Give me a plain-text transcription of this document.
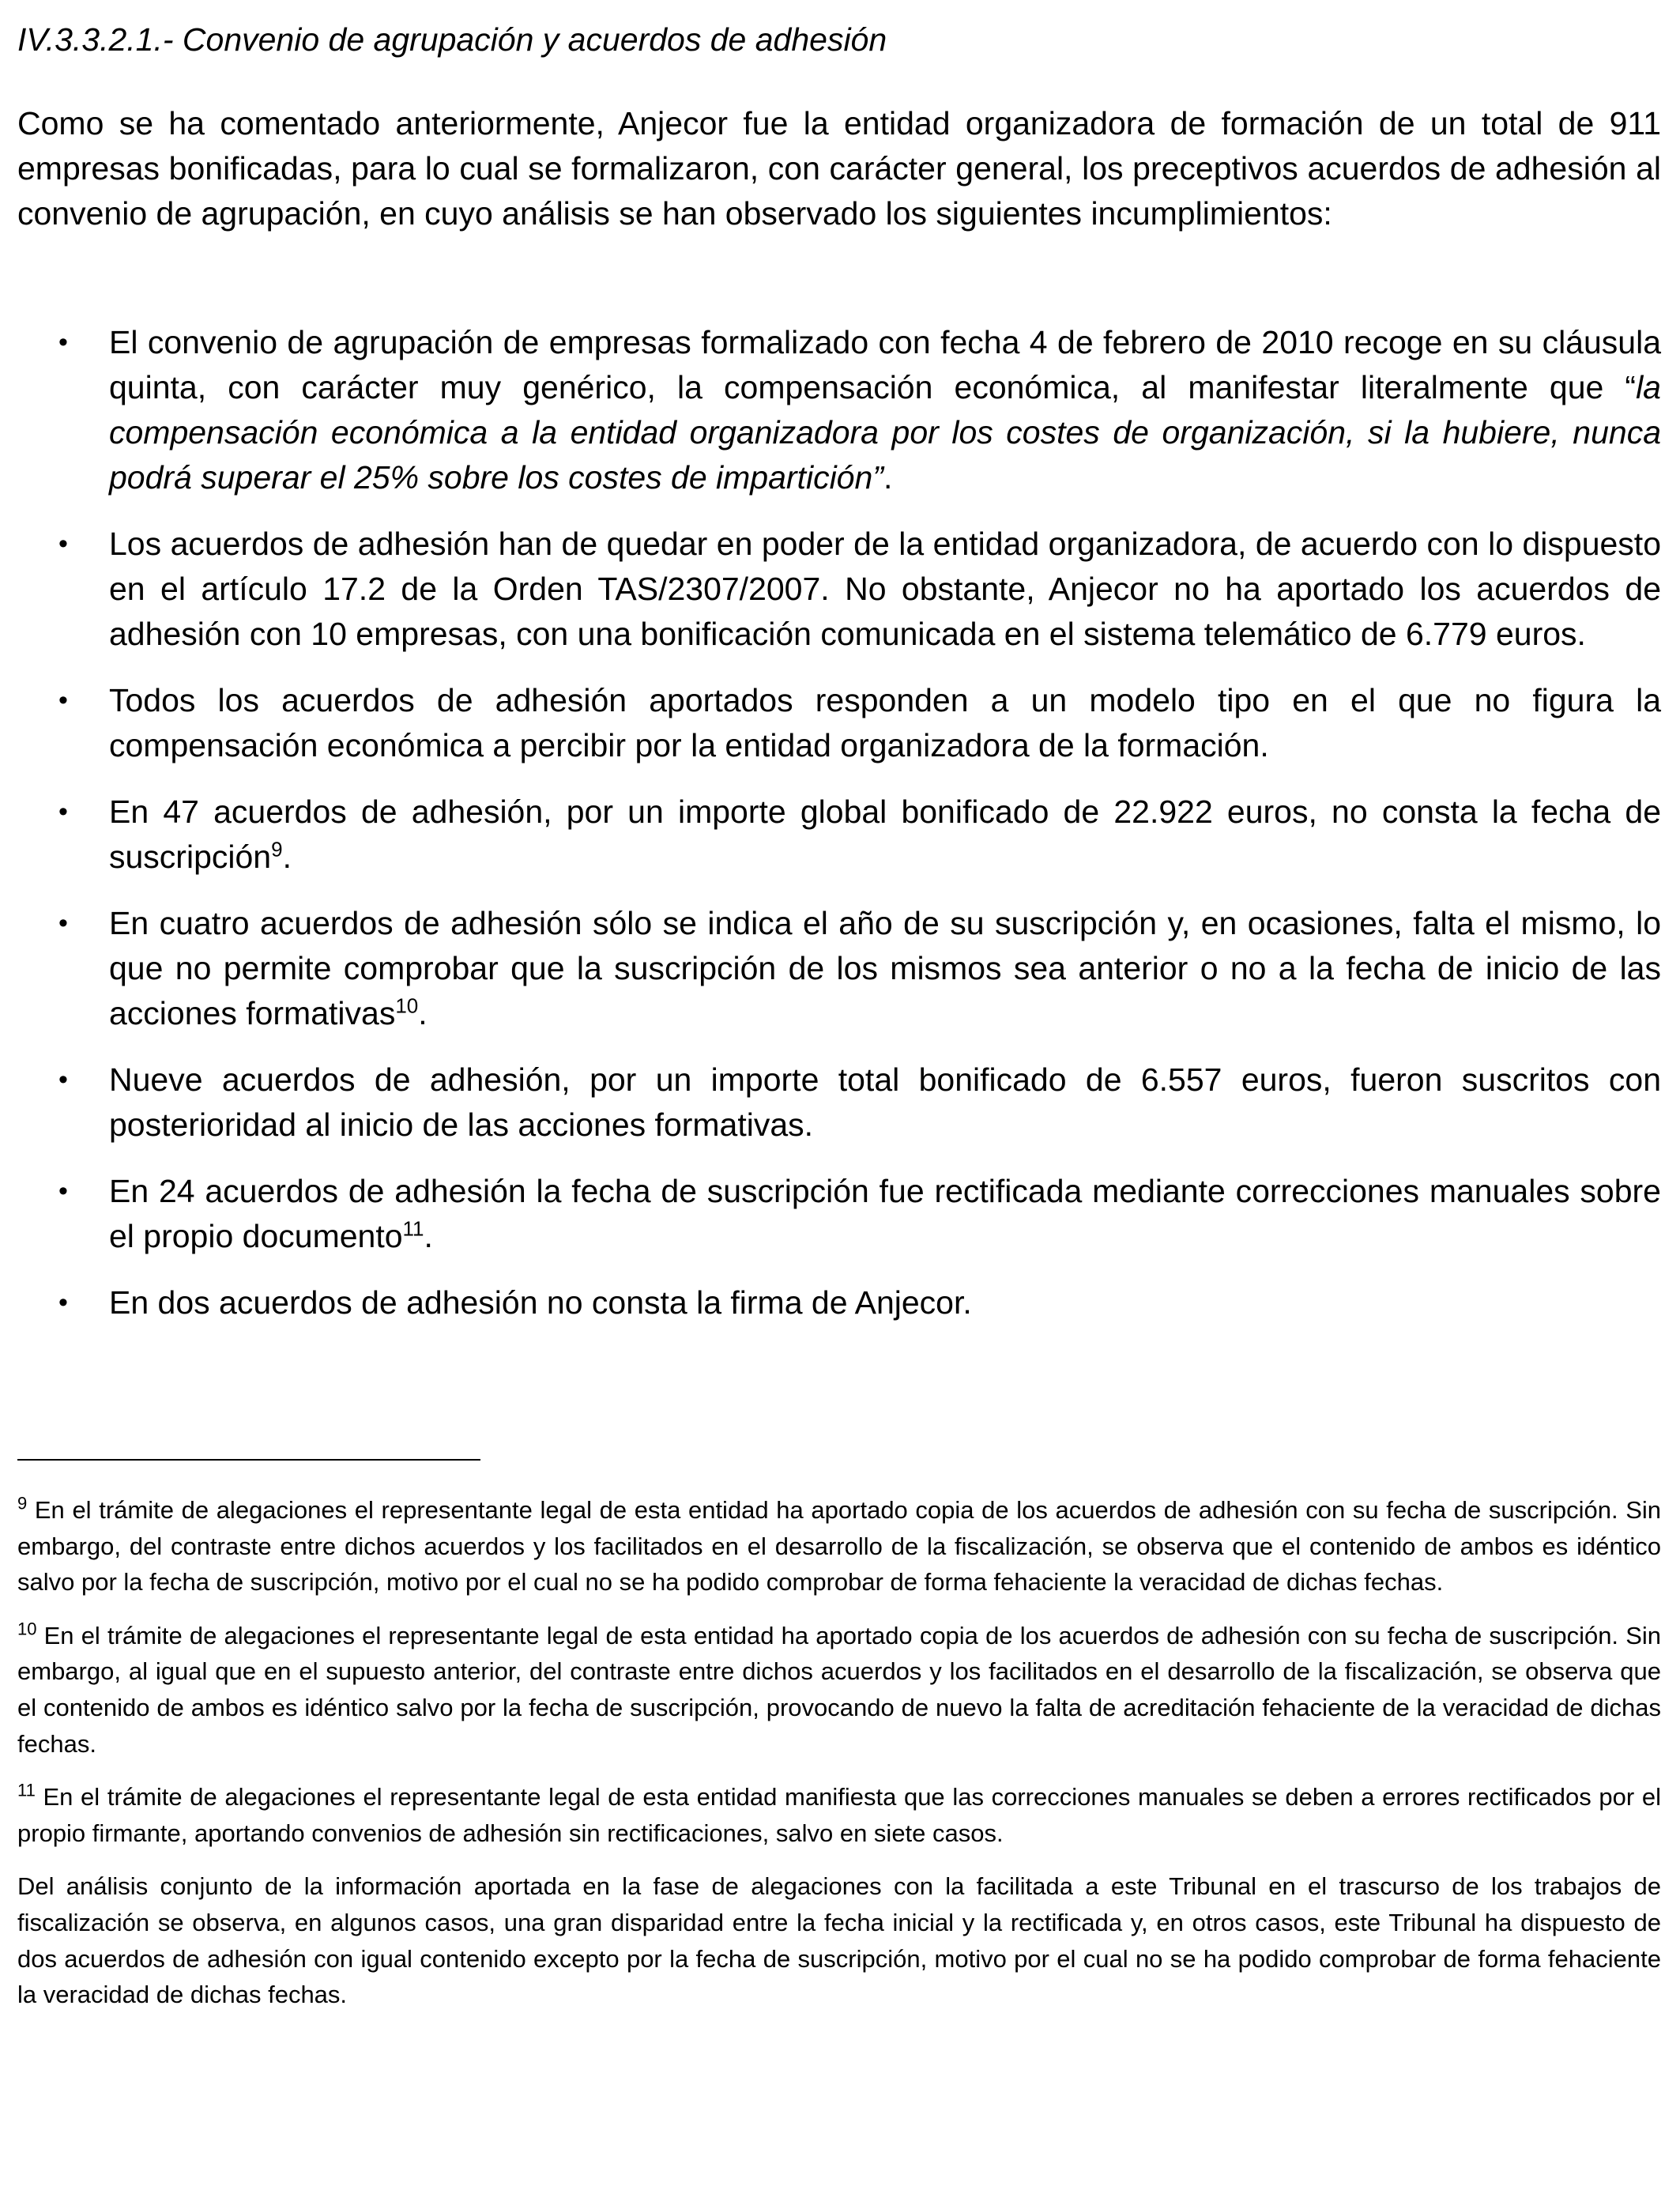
IV.3.3.2.1.- Convenio de agrupación y acuerdos de adhesión

Como se ha comentado anteriormente, Anjecor fue la entidad organizadora de formación de un total de 911 empresas bonificadas, para lo cual se formalizaron, con carácter general, los preceptivos acuerdos de adhesión al convenio de agrupación, en cuyo análisis se han observado los siguientes incumplimientos:

• El convenio de agrupación de empresas formalizado con fecha 4 de febrero de 2010 recoge en su cláusula quinta, con carácter muy genérico, la compensación económica, al manifestar literalmente que “la compensación económica a la entidad organizadora por los costes de organización, si la hubiere, nunca podrá superar el 25% sobre los costes de impartición”.
• Los acuerdos de adhesión han de quedar en poder de la entidad organizadora, de acuerdo con lo dispuesto en el artículo 17.2 de la Orden TAS/2307/2007. No obstante, Anjecor no ha aportado los acuerdos de adhesión con 10 empresas, con una bonificación comunicada en el sistema telemático de 6.779 euros.
• Todos los acuerdos de adhesión aportados responden a un modelo tipo en el que no figura la compensación económica a percibir por la entidad organizadora de la formación.
• En 47 acuerdos de adhesión, por un importe global bonificado de 22.922 euros, no consta la fecha de suscripción$^9$.
• En cuatro acuerdos de adhesión sólo se indica el año de su suscripción y, en ocasiones, falta el mismo, lo que no permite comprobar que la suscripción de los mismos sea anterior o no a la fecha de inicio de las acciones formativas$^{10}$.
• Nueve acuerdos de adhesión, por un importe total bonificado de 6.557 euros, fueron suscritos con posterioridad al inicio de las acciones formativas.
• En 24 acuerdos de adhesión la fecha de suscripción fue rectificada mediante correcciones manuales sobre el propio documento$^{11}$.
• En dos acuerdos de adhesión no consta la firma de Anjecor.

$^9$ En el trámite de alegaciones el representante legal de esta entidad ha aportado copia de los acuerdos de adhesión con su fecha de suscripción. Sin embargo, del contraste entre dichos acuerdos y los facilitados en el desarrollo de la fiscalización, se observa que el contenido de ambos es idéntico salvo por la fecha de suscripción, motivo por el cual no se ha podido comprobar de forma fehaciente la veracidad de dichas fechas.

$^{10}$ En el trámite de alegaciones el representante legal de esta entidad ha aportado copia de los acuerdos de adhesión con su fecha de suscripción. Sin embargo, al igual que en el supuesto anterior, del contraste entre dichos acuerdos y los facilitados en el desarrollo de la fiscalización, se observa que el contenido de ambos es idéntico salvo por la fecha de suscripción, provocando de nuevo la falta de acreditación fehaciente de la veracidad de dichas fechas.

$^{11}$ En el trámite de alegaciones el representante legal de esta entidad manifiesta que las correcciones manuales se deben a errores rectificados por el propio firmante, aportando convenios de adhesión sin rectificaciones, salvo en siete casos.

Del análisis conjunto de la información aportada en la fase de alegaciones con la facilitada a este Tribunal en el trascurso de los trabajos de fiscalización se observa, en algunos casos, una gran disparidad entre la fecha inicial y la rectificada y, en otros casos, este Tribunal ha dispuesto de dos acuerdos de adhesión con igual contenido excepto por la fecha de suscripción, motivo por el cual no se ha podido comprobar de forma fehaciente la veracidad de dichas fechas.
